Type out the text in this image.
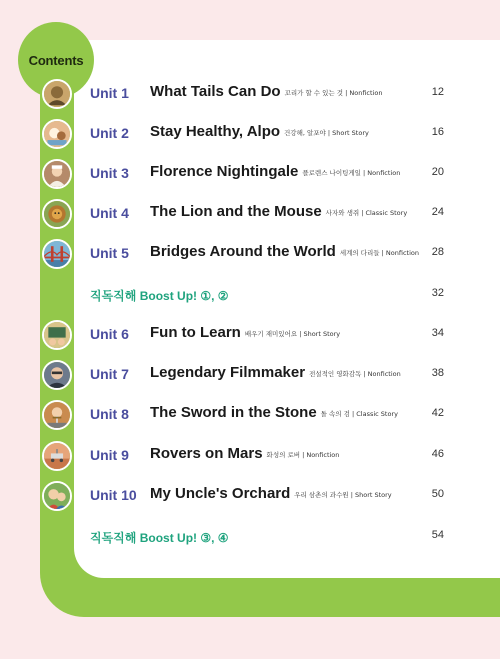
Contents
Unit 1 What Tails Can Do 꼬리가 할 수 있는 것 | Nonfiction	12
Unit 2 Stay Healthy, Alpo 건강해, 알포야 | Short Story	16
Unit 3 Florence Nightingale 플로렌스 나이팅게일 | Nonfiction	20
Unit 4 The Lion and the Mouse 사자와 생쥐 | Classic Story 24
Unit 5 Bridges Around the World 세계의 다리들 | Nonfiction 28
직독직해 Boost Up! ①, ②	32
Unit 6 Fun to Learn 배우기 재미있어요 | Short Story	34
Unit 7 Legendary Filmmaker 전설적인 영화감독 | Nonfiction	38
Unit 8 The Sword in the Stone 돌 속의 검 | Classic Story	42
Unit 9 Rovers on Mars 화성의 로버 | Nonfiction	46
Unit 10 My Uncle's Orchard 우리 삼촌의 과수원 | Short Story	50
직독직해 Boost Up! ③, ④	54
